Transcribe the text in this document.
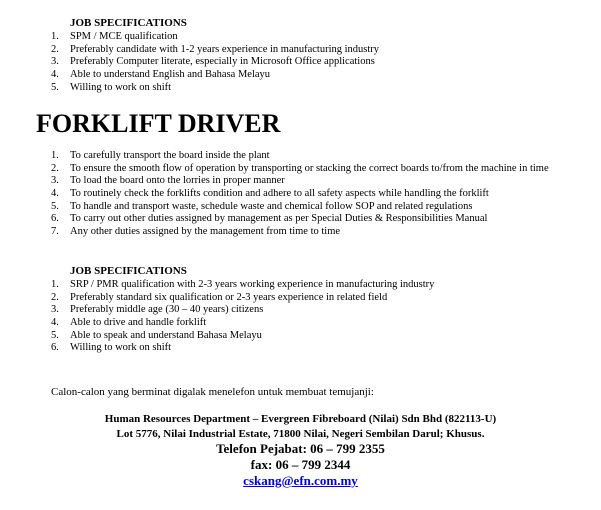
JOB SPECIFICATIONS
1. SPM / MCE qualification
2. Preferably candidate with 1-2 years experience in manufacturing industry
3. Preferably Computer literate, especially in Microsoft Office applications
4. Able to understand English and Bahasa Melayu
5. Willing to work on shift
FORKLIFT DRIVER
1. To carefully transport the board inside the plant
2. To ensure the smooth flow of operation by transporting or stacking the correct boards to/from the machine in time
3. To load the board onto the lorries in proper manner
4. To routinely check the forklifts condition and adhere to all safety aspects while handling the forklift
5. To handle and transport waste, schedule waste and chemical follow SOP and related regulations
6. To carry out other duties assigned by management as per Special Duties & Responsibilities Manual
7. Any other duties assigned by the management from time to time
JOB SPECIFICATIONS
1. SRP / PMR qualification with 2-3 years working experience in manufacturing industry
2. Preferably standard six qualification or 2-3 years experience in related field
3. Preferably middle age (30 – 40 years) citizens
4. Able to drive and handle forklift
5. Able to speak and understand Bahasa Melayu
6. Willing to work on shift
Calon-calon yang berminat digalak menelefon untuk membuat temujanji:
Human Resources Department – Evergreen Fibreboard (Nilai) Sdn Bhd (822113-U)
Lot 5776, Nilai Industrial Estate, 71800 Nilai, Negeri Sembilan Darul; Khusus.
Telefon Pejabat: 06 – 799 2355
fax: 06 – 799 2344
cskang@efn.com.my
